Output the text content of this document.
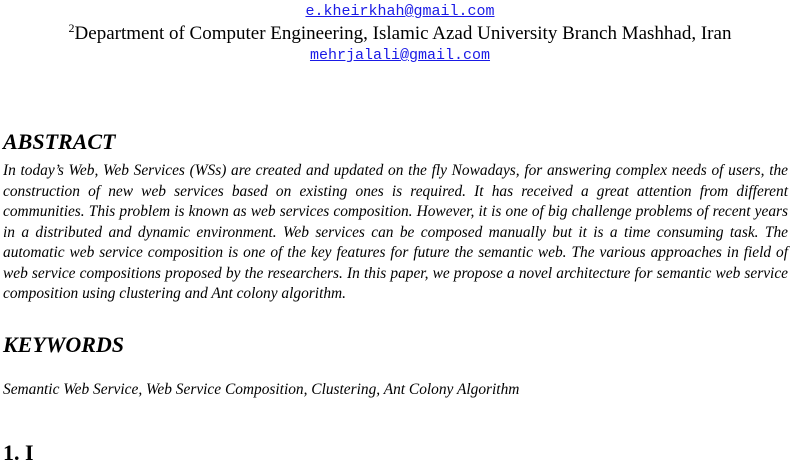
e.kheirkhah@gmail.com
$^2$Department of Computer Engineering, Islamic Azad University Branch Mashhad, Iran
mehrjalali@gmail.com
ABSTRACT
In today’s Web, Web Services (WSs) are created and updated on the fly Nowadays, for answering complex needs of users, the construction of new web services based on existing ones is required. It has received a great attention from different communities. This problem is known as web services composition. However, it is one of big challenge problems of recent years in a distributed and dynamic environment. Web services can be composed manually but it is a time consuming task. The automatic web service composition is one of the key features for future the semantic web. The various approaches in field of web service compositions proposed by the researchers. In this paper, we propose a novel architecture for semantic web service composition using clustering and Ant colony algorithm.
KEYWORDS
Semantic Web Service, Web Service Composition, Clustering, Ant Colony Algorithm
1. I
